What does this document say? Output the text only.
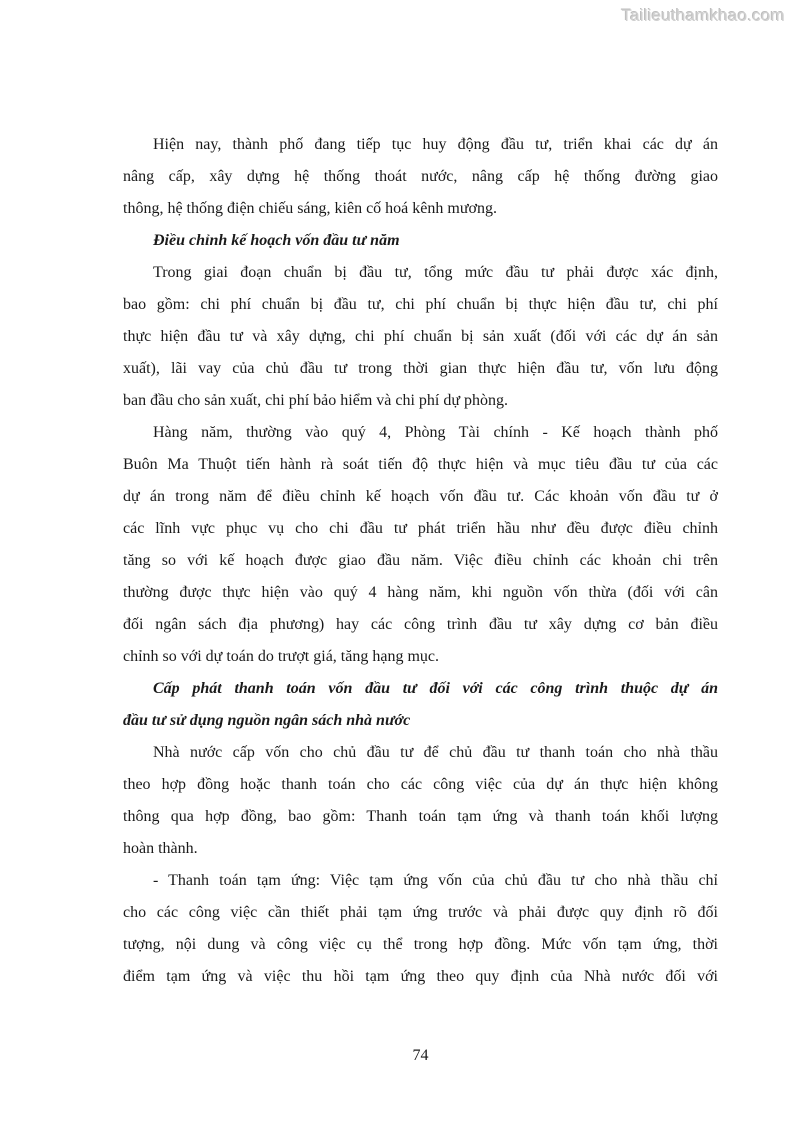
Tailieuthamkhao.com
Hiện nay, thành phố đang tiếp tục huy động đầu tư, triển khai các dự án
nâng cấp, xây dựng hệ thống thoát nước, nâng cấp hệ thống đường giao
thông, hệ thống điện chiếu sáng, kiên cố hoá kênh mương.
Điều chỉnh kế hoạch vốn đầu tư năm
Trong giai đoạn chuẩn bị đầu tư, tổng mức đầu tư phải được xác định,
bao gồm: chi phí chuẩn bị đầu tư, chi phí chuẩn bị thực hiện đầu tư, chi phí
thực hiện đầu tư và xây dựng, chi phí chuẩn bị sản xuất (đối với các dự án sản
xuất), lãi vay của chủ đầu tư trong thời gian thực hiện đầu tư, vốn lưu động
ban đầu cho sản xuất, chi phí bảo hiểm và chi phí dự phòng.
Hàng năm, thường vào quý 4, Phòng Tài chính - Kế hoạch thành phố
Buôn Ma Thuột tiến hành rà soát tiến độ thực hiện và mục tiêu đầu tư của các
dự án trong năm để điều chỉnh kế hoạch vốn đầu tư. Các khoản vốn đầu tư ở
các lĩnh vực phục vụ cho chi đầu tư phát triển hầu như đều được điều chỉnh
tăng so với kế hoạch được giao đầu năm. Việc điều chỉnh các khoản chi trên
thường được thực hiện vào quý 4 hàng năm, khi nguồn vốn thừa (đối với cân
đối ngân sách địa phương) hay các công trình đầu tư xây dựng cơ bản điều
chỉnh so với dự toán do trượt giá, tăng hạng mục.
Cấp phát thanh toán vốn đầu tư đối với các công trình thuộc dự án
đầu tư sử dụng nguồn ngân sách nhà nước
Nhà nước cấp vốn cho chủ đầu tư để chủ đầu tư thanh toán cho nhà thầu
theo hợp đồng hoặc thanh toán cho các công việc của dự án thực hiện không
thông qua hợp đồng, bao gồm: Thanh toán tạm ứng và thanh toán khối lượng
hoàn thành.
- Thanh toán tạm ứng: Việc tạm ứng vốn của chủ đầu tư cho nhà thầu chỉ
cho các công việc cần thiết phải tạm ứng trước và phải được quy định rõ đối
tượng, nội dung và công việc cụ thể trong hợp đồng. Mức vốn tạm ứng, thời
điểm tạm ứng và việc thu hồi tạm ứng theo quy định của Nhà nước đối với
74
